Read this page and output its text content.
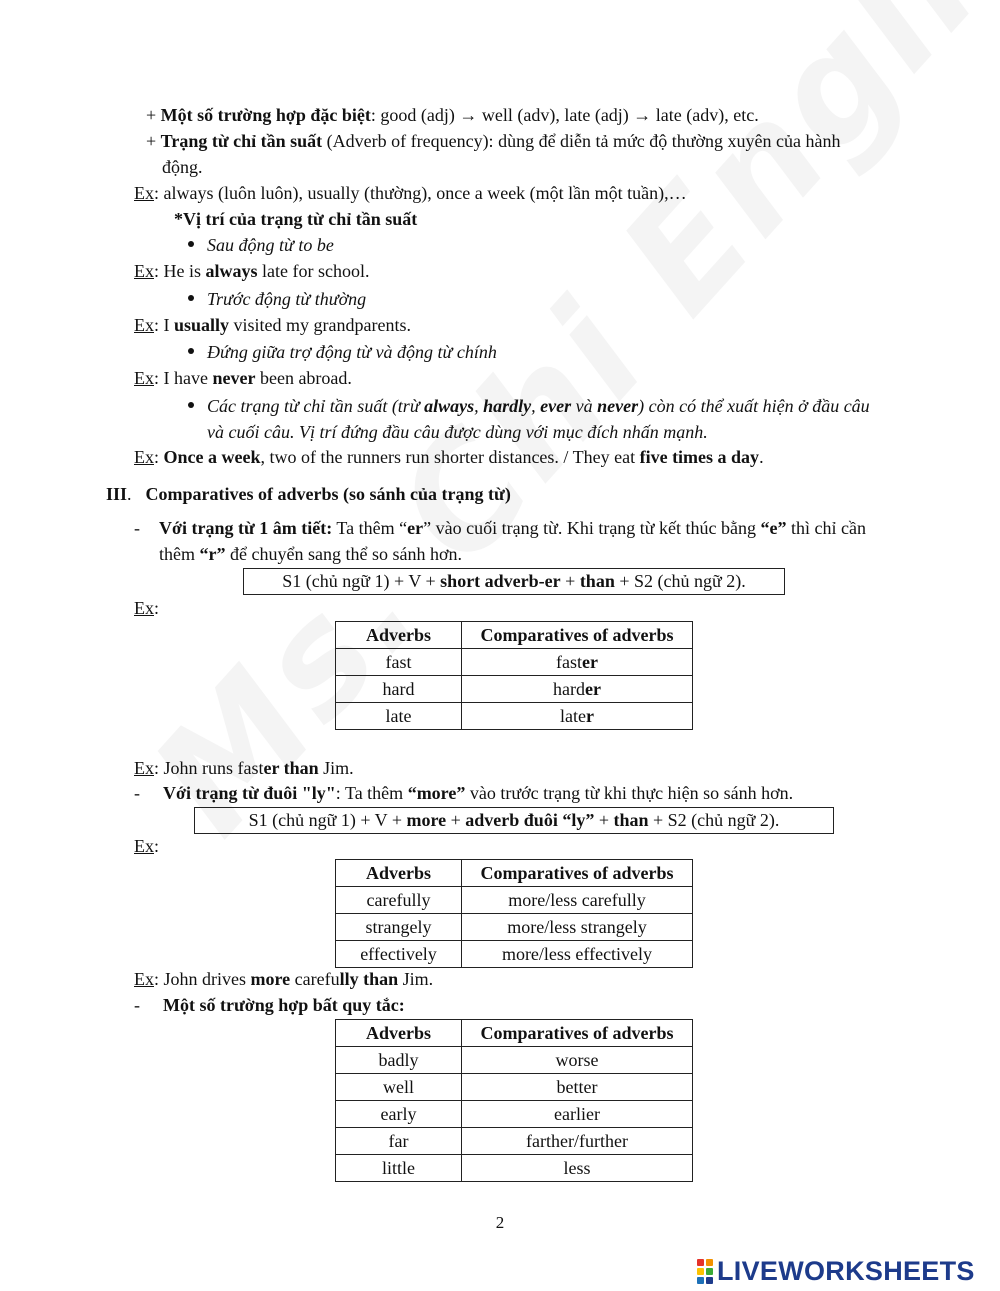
+ Một số trường hợp đặc biệt: good (adj) → well (adv), late (adj) → late (adv), etc.
+ Trạng từ chỉ tần suất (Adverb of frequency): dùng để diễn tả mức độ thường xuyên của hành
động.
Ex: always (luôn luôn), usually (thường), once a week (một lần một tuần),…
*Vị trí của trạng từ chỉ tần suất
Sau động từ to be
Ex: He is always late for school.
Trước động từ thường
Ex: I usually visited my grandparents.
Đứng giữa trợ động từ và động từ chính
Ex: I have never been abroad.
Các trạng từ chỉ tần suất (trừ always, hardly, ever và never) còn có thể xuất hiện ở đầu câu
và cuối câu. Vị trí đứng đầu câu được dùng với mục đích nhấn mạnh.
Ex: Once a week, two of the runners run shorter distances. / They eat five times a day.
III. Comparatives of adverbs (so sánh của trạng từ)
- Với trạng từ 1 âm tiết: Ta thêm “er” vào cuối trạng từ. Khi trạng từ kết thúc bằng “e” thì chỉ cần
thêm “r” để chuyển sang thể so sánh hơn.
S1 (chủ ngữ 1) + V + short adverb-er + than + S2 (chủ ngữ 2).
Ex:
Adverbs	Comparatives of adverbs
fast	faster
hard	harder
late	later
Ex: John runs faster than Jim.
- Với trạng từ đuôi "ly": Ta thêm “more” vào trước trạng từ khi thực hiện so sánh hơn.
S1 (chủ ngữ 1) + V + more + adverb đuôi “ly” + than + S2 (chủ ngữ 2).
Ex:
Adverbs	Comparatives of adverbs
carefully	more/less carefully
strangely	more/less strangely
effectively	more/less effectively
Ex: John drives more carefully than Jim.
- Một số trường hợp bất quy tắc:
Adverbs	Comparatives of adverbs
badly	worse
well	better
early	earlier
far	farther/further
little	less
2
LIVEWORKSHEETS
